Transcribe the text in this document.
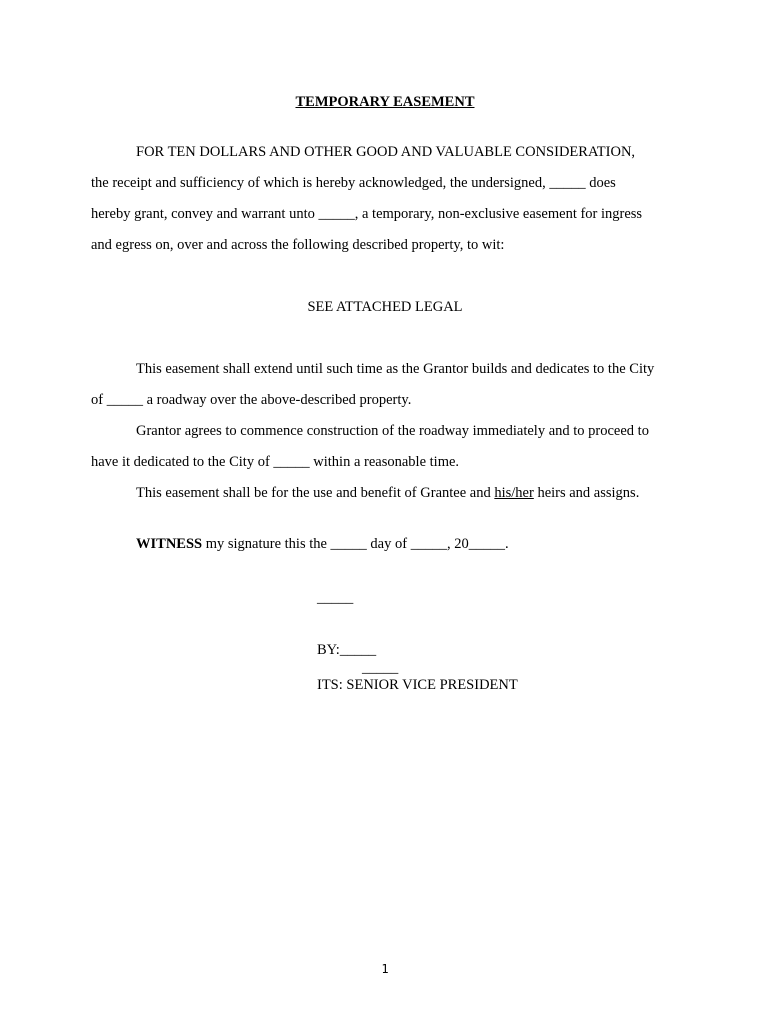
TEMPORARY EASEMENT
FOR TEN DOLLARS AND OTHER GOOD AND VALUABLE CONSIDERATION,
the receipt and sufficiency of which is hereby acknowledged, the undersigned, _____ does
hereby grant, convey and warrant unto _____, a temporary, non-exclusive easement for ingress
and egress on, over and across the following described property, to wit:
SEE ATTACHED LEGAL
This easement shall extend until such time as the Grantor builds and dedicates to the City
of _____ a roadway over the above-described property.
Grantor agrees to commence construction of the roadway immediately and to proceed to
have it dedicated to the City of _____ within a reasonable time.
This easement shall be for the use and benefit of Grantee and his/her heirs and assigns.
WITNESS my signature this the _____ day of _____, 20_____.
_____
BY:_____
_____
ITS: SENIOR VICE PRESIDENT
1
